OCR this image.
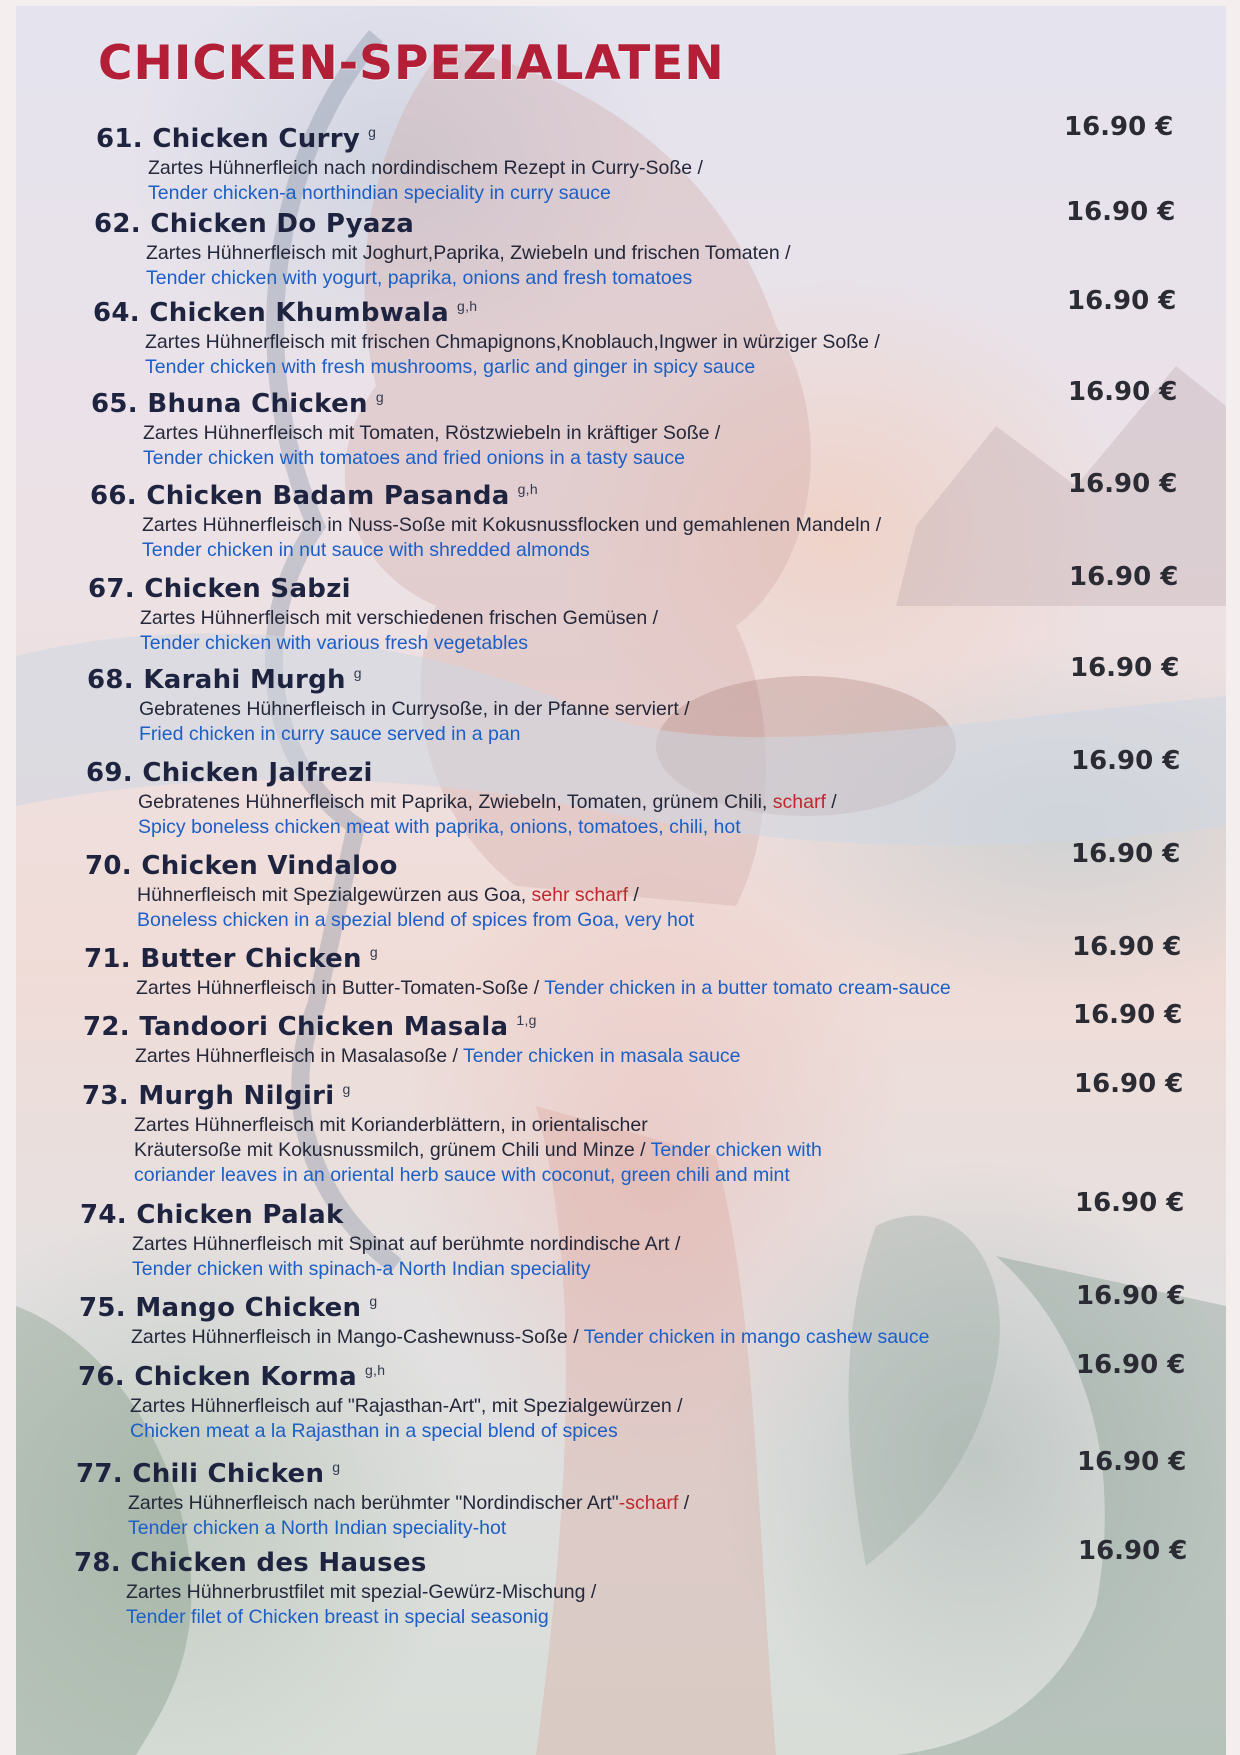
CHICKEN-SPEZIALATEN
61. Chicken Curry $^g$	16.90 €
Zartes Hühnerfleich nach nordindischem Rezept in Curry-Soße /
Tender chicken-a northindian speciality in curry sauce
62. Chicken Do Pyaza	16.90 €
Zartes Hühnerfleisch mit Joghurt,Paprika, Zwiebeln und frischen Tomaten /
Tender chicken with yogurt, paprika, onions and fresh tomatoes
64. Chicken Khumbwala $^{g,h}$	16.90 €
Zartes Hühnerfleisch mit frischen Chmapignons,Knoblauch,Ingwer in würziger Soße /
Tender chicken with fresh mushrooms, garlic and ginger in spicy sauce
65. Bhuna Chicken $^g$	16.90 €
Zartes Hühnerfleisch mit Tomaten, Röstzwiebeln in kräftiger Soße /
Tender chicken with tomatoes and fried onions in a tasty sauce
66. Chicken Badam Pasanda $^{g,h}$	16.90 €
Zartes Hühnerfleisch in Nuss-Soße mit Kokusnussflocken und gemahlenen Mandeln /
Tender chicken in nut sauce with shredded almonds
67. Chicken Sabzi	16.90 €
Zartes Hühnerfleisch mit verschiedenen frischen Gemüsen /
Tender chicken with various fresh vegetables
68. Karahi Murgh $^g$	16.90 €
Gebratenes Hühnerfleisch in Currysoße, in der Pfanne serviert /
Fried chicken in curry sauce served in a pan
69. Chicken Jalfrezi	16.90 €
Gebratenes Hühnerfleisch mit Paprika, Zwiebeln, Tomaten, grünem Chili, scharf /
Spicy boneless chicken meat with paprika, onions, tomatoes, chili, hot
70. Chicken Vindaloo	16.90 €
Hühnerfleisch mit Spezialgewürzen aus Goa, sehr scharf /
Boneless chicken in a spezial blend of spices from Goa, very hot
71. Butter Chicken $^g$	16.90 €
Zartes Hühnerfleisch in Butter-Tomaten-Soße / Tender chicken in a butter tomato cream-sauce
72. Tandoori Chicken Masala $^{1,g}$	16.90 €
Zartes Hühnerfleisch in Masalasoße / Tender chicken in masala sauce
73. Murgh Nilgiri $^g$	16.90 €
Zartes Hühnerfleisch mit Korianderblättern, in orientalischer
Kräutersoße mit Kokusnussmilch, grünem Chili und Minze / Tender chicken with
coriander leaves in an oriental herb sauce with coconut, green chili and mint
74. Chicken Palak	16.90 €
Zartes Hühnerfleisch mit Spinat auf berühmte nordindische Art /
Tender chicken with spinach-a North Indian speciality
75. Mango Chicken $^g$	16.90 €
Zartes Hühnerfleisch in Mango-Cashewnuss-Soße / Tender chicken in mango cashew sauce
76. Chicken Korma $^{g,h}$	16.90 €
Zartes Hühnerfleisch auf "Rajasthan-Art", mit Spezialgewürzen /
Chicken meat a la Rajasthan in a special blend of spices
77. Chili Chicken $^g$	16.90 €
Zartes Hühnerfleisch nach berühmter "Nordindischer Art"-scharf /
Tender chicken a North Indian speciality-hot
78. Chicken des Hauses	16.90 €
Zartes Hühnerbrustfilet mit spezial-Gewürz-Mischung /
Tender filet of Chicken breast in special seasonig
